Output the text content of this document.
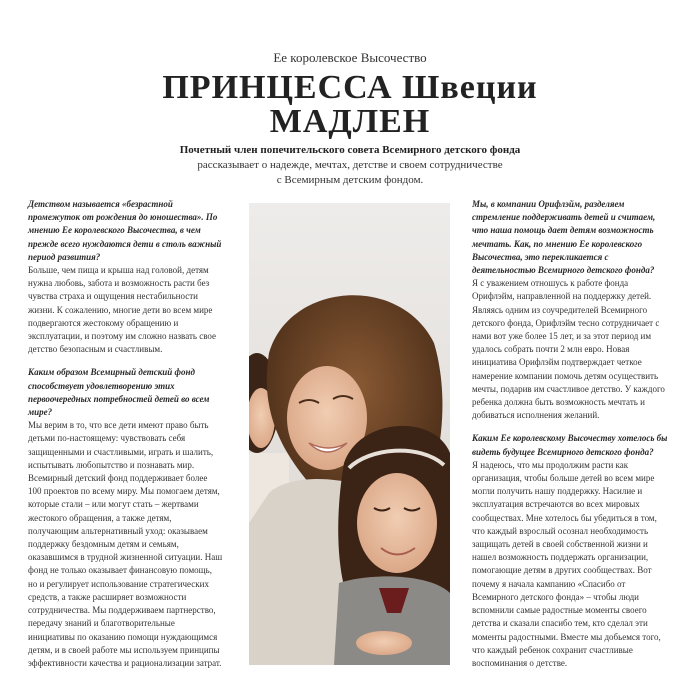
Ее королевское Высочество

ПРИНЦЕССА Швеции
МАДЛЕН

Почетный член попечительского совета Всемирного детского фонда
рассказывает о надежде, мечтах, детстве и своем сотрудничестве
с Всемирным детским фондом.

Детством называется «безрастной промежуток от рождения до юношества». По мнению Ее королевского Высочества, в чем прежде всего нуждаются дети в столь важный период развития?

Больше, чем пища и крыша над головой, детям нужна любовь, забота и возможность расти без чувства страха и ощущения нестабильности жизни. К сожалению, многие дети во всем мире подвергаются жестокому обращению и эксплуатации, и поэтому им сложно назвать свое детство безопасным и счастливым.

Каким образом Всемирный детский фонд способствует удовлетворению этих первоочередных потребностей детей во всем мире?

Мы верим в то, что все дети имеют право быть детьми по-настоящему: чувствовать себя защищенными и счастливыми, играть и шалить, испытывать любопытство и познавать мир. Всемирный детский фонд поддерживает более 100 проектов по всему миру. Мы помогаем детям, которые стали – или могут стать – жертвами жестокого обращения, а также детям, получающим альтернативный уход: оказываем поддержку бездомным детям и семьям, оказавшимся в трудной жизненной ситуации. Наш фонд не только оказывает финансовую помощь, но и регулирует использование стратегических средств, а также расширяет возможности сотрудничества. Мы поддерживаем партнерство, передачу знаний и благотворительные инициативы по оказанию помощи нуждающимся детям, и в своей работе мы используем принципы эффективности качества и рационализации затрат.

Мы, в компании Орифлэйм, разделяем стремление поддерживать детей и считаем, что наша помощь дает детям возможность мечтать. Как, по мнению Ее королевского Высочества, это перекликается с деятельностью Всемирного детского фонда?

Я с уважением отношусь к работе фонда Орифлэйм, направленной на поддержку детей. Являясь одним из соучредителей Всемирного детского фонда, Орифлэйм тесно сотрудничает с нами вот уже более 15 лет, и за этот период им удалось собрать почти 2 млн евро. Новая инициатива Орифлэйм подтверждает четкое намерение компании помочь детям осуществить мечты, подарив им счастливое детство. У каждого ребенка должна быть возможность мечтать и добиваться исполнения желаний.

Каким Ее королевскому Высочеству хотелось бы видеть будущее Всемирного детского фонда?

Я надеюсь, что мы продолжим расти как организация, чтобы больше детей во всем мире могли получить нашу поддержку. Насилие и эксплуатация встречаются во всех мировых сообществах. Мне хотелось бы убедиться в том, что каждый взрослый осознал необходимость защищать детей в своей собственной жизни и нашел возможность поддержать организации, помогающие детям в других сообществах. Вот почему я начала кампанию «Спасибо от Всемирного детского фонда» – чтобы люди вспомнили самые радостные моменты своего детства и сказали спасибо тем, кто сделал эти моменты радостными. Вместе мы добьемся того, что каждый ребенок сохранит счастливые воспоминания о детстве.
